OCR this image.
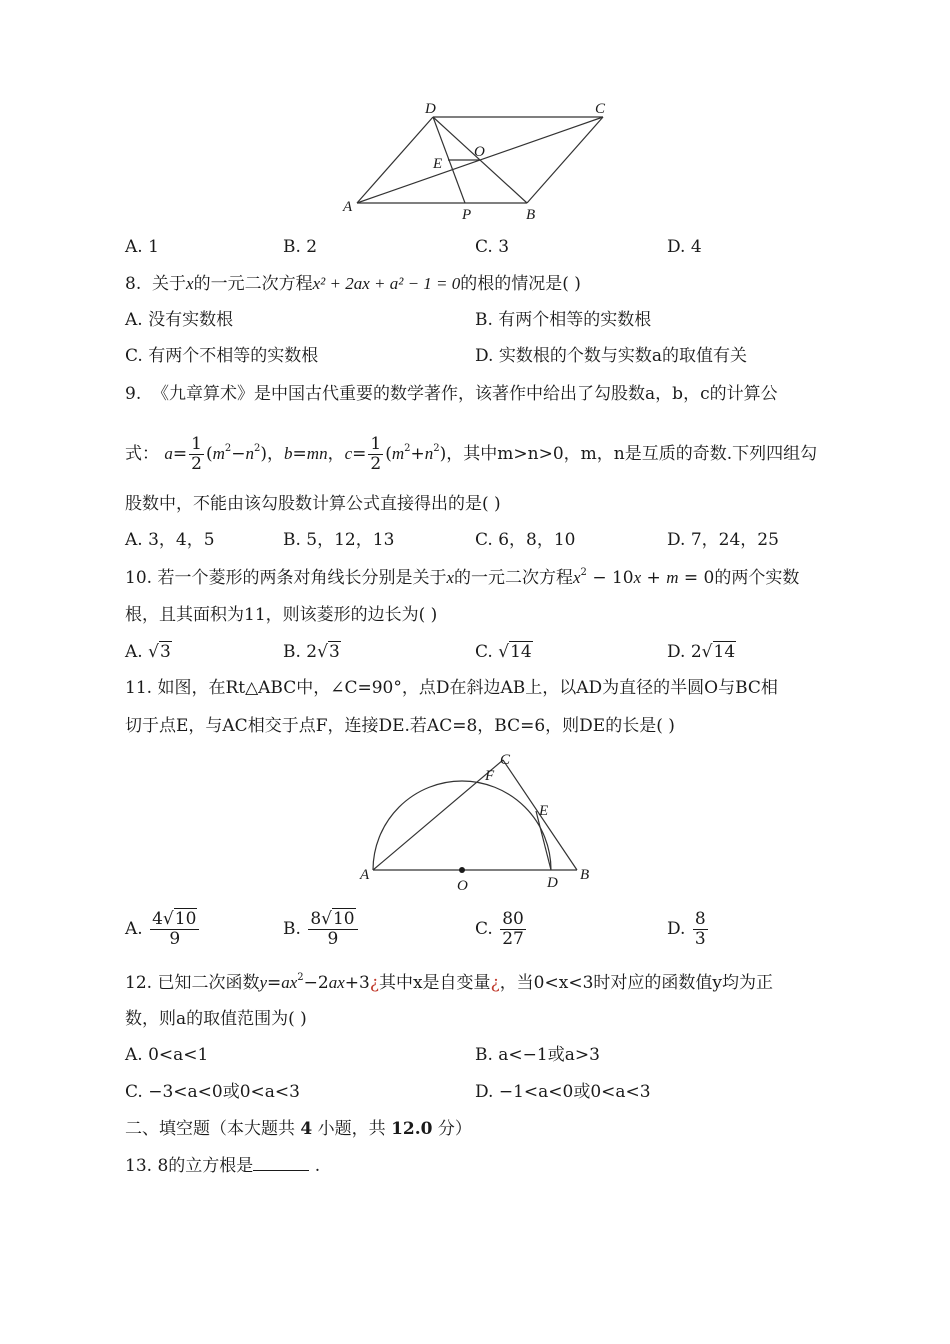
A	B
C
D
E
O
P
A. 1	B. 2	C. 3	D. 4
8. 关于x的一元二次方程x² + 2ax + a² − 1 = 0的根的情况是( )
A. 没有实数根	B. 有两个相等的实数根
C. 有两个不相等的实数根	D. 实数根的个数与实数a的取值有关
9. 《九章算术》是中国古代重要的数学著作，该著作中给出了勾股数a，b，c的计算公
式： $a= \frac{1}{2} (m^2-n^2)$，b=mn，$c= \frac{1}{2} (m^2+n^2)$，其中m>n>0，m，n是互质的奇数.下列四组勾
股数中，不能由该勾股数计算公式直接得出的是( )
A. 3，4，5	B. 5，12，13	C. 6，8，10	D. 7，24，25
10. 若一个菱形的两条对角线长分别是关于x的一元二次方程$x^2 - 10x + m = 0$的两个实数
根，且其面积为11，则该菱形的边长为( )
A. √3	B. 2√3	C. √14	D. 2√14
11. 如图，在Rt△ABC中，∠C=90°，点D在斜边AB上，以AD为直径的半圆O与BC相
切于点E，与AC相交于点F，连接DE.若AC=8，BC=6，则DE的长是( )
A	B
C
D
E
F
O
A. $\frac{4√10}{9}$	B. $\frac{8√10}{9}$	C. $\frac{80}{27}$	D. $\frac{8}{3}$
12. 已知二次函数$y=ax^2-2ax+3¿$其中x是自变量¿，当0<x<3时对应的函数值y均为正
数，则a的取值范围为( )
A. 0<a<1	B. a<−1或a>3
C. −3<a<0或0<a<3	D. −1<a<0或0<a<3
二、填空题（本大题共 4 小题，共 12.0 分）
13. 8的立方根是	.
